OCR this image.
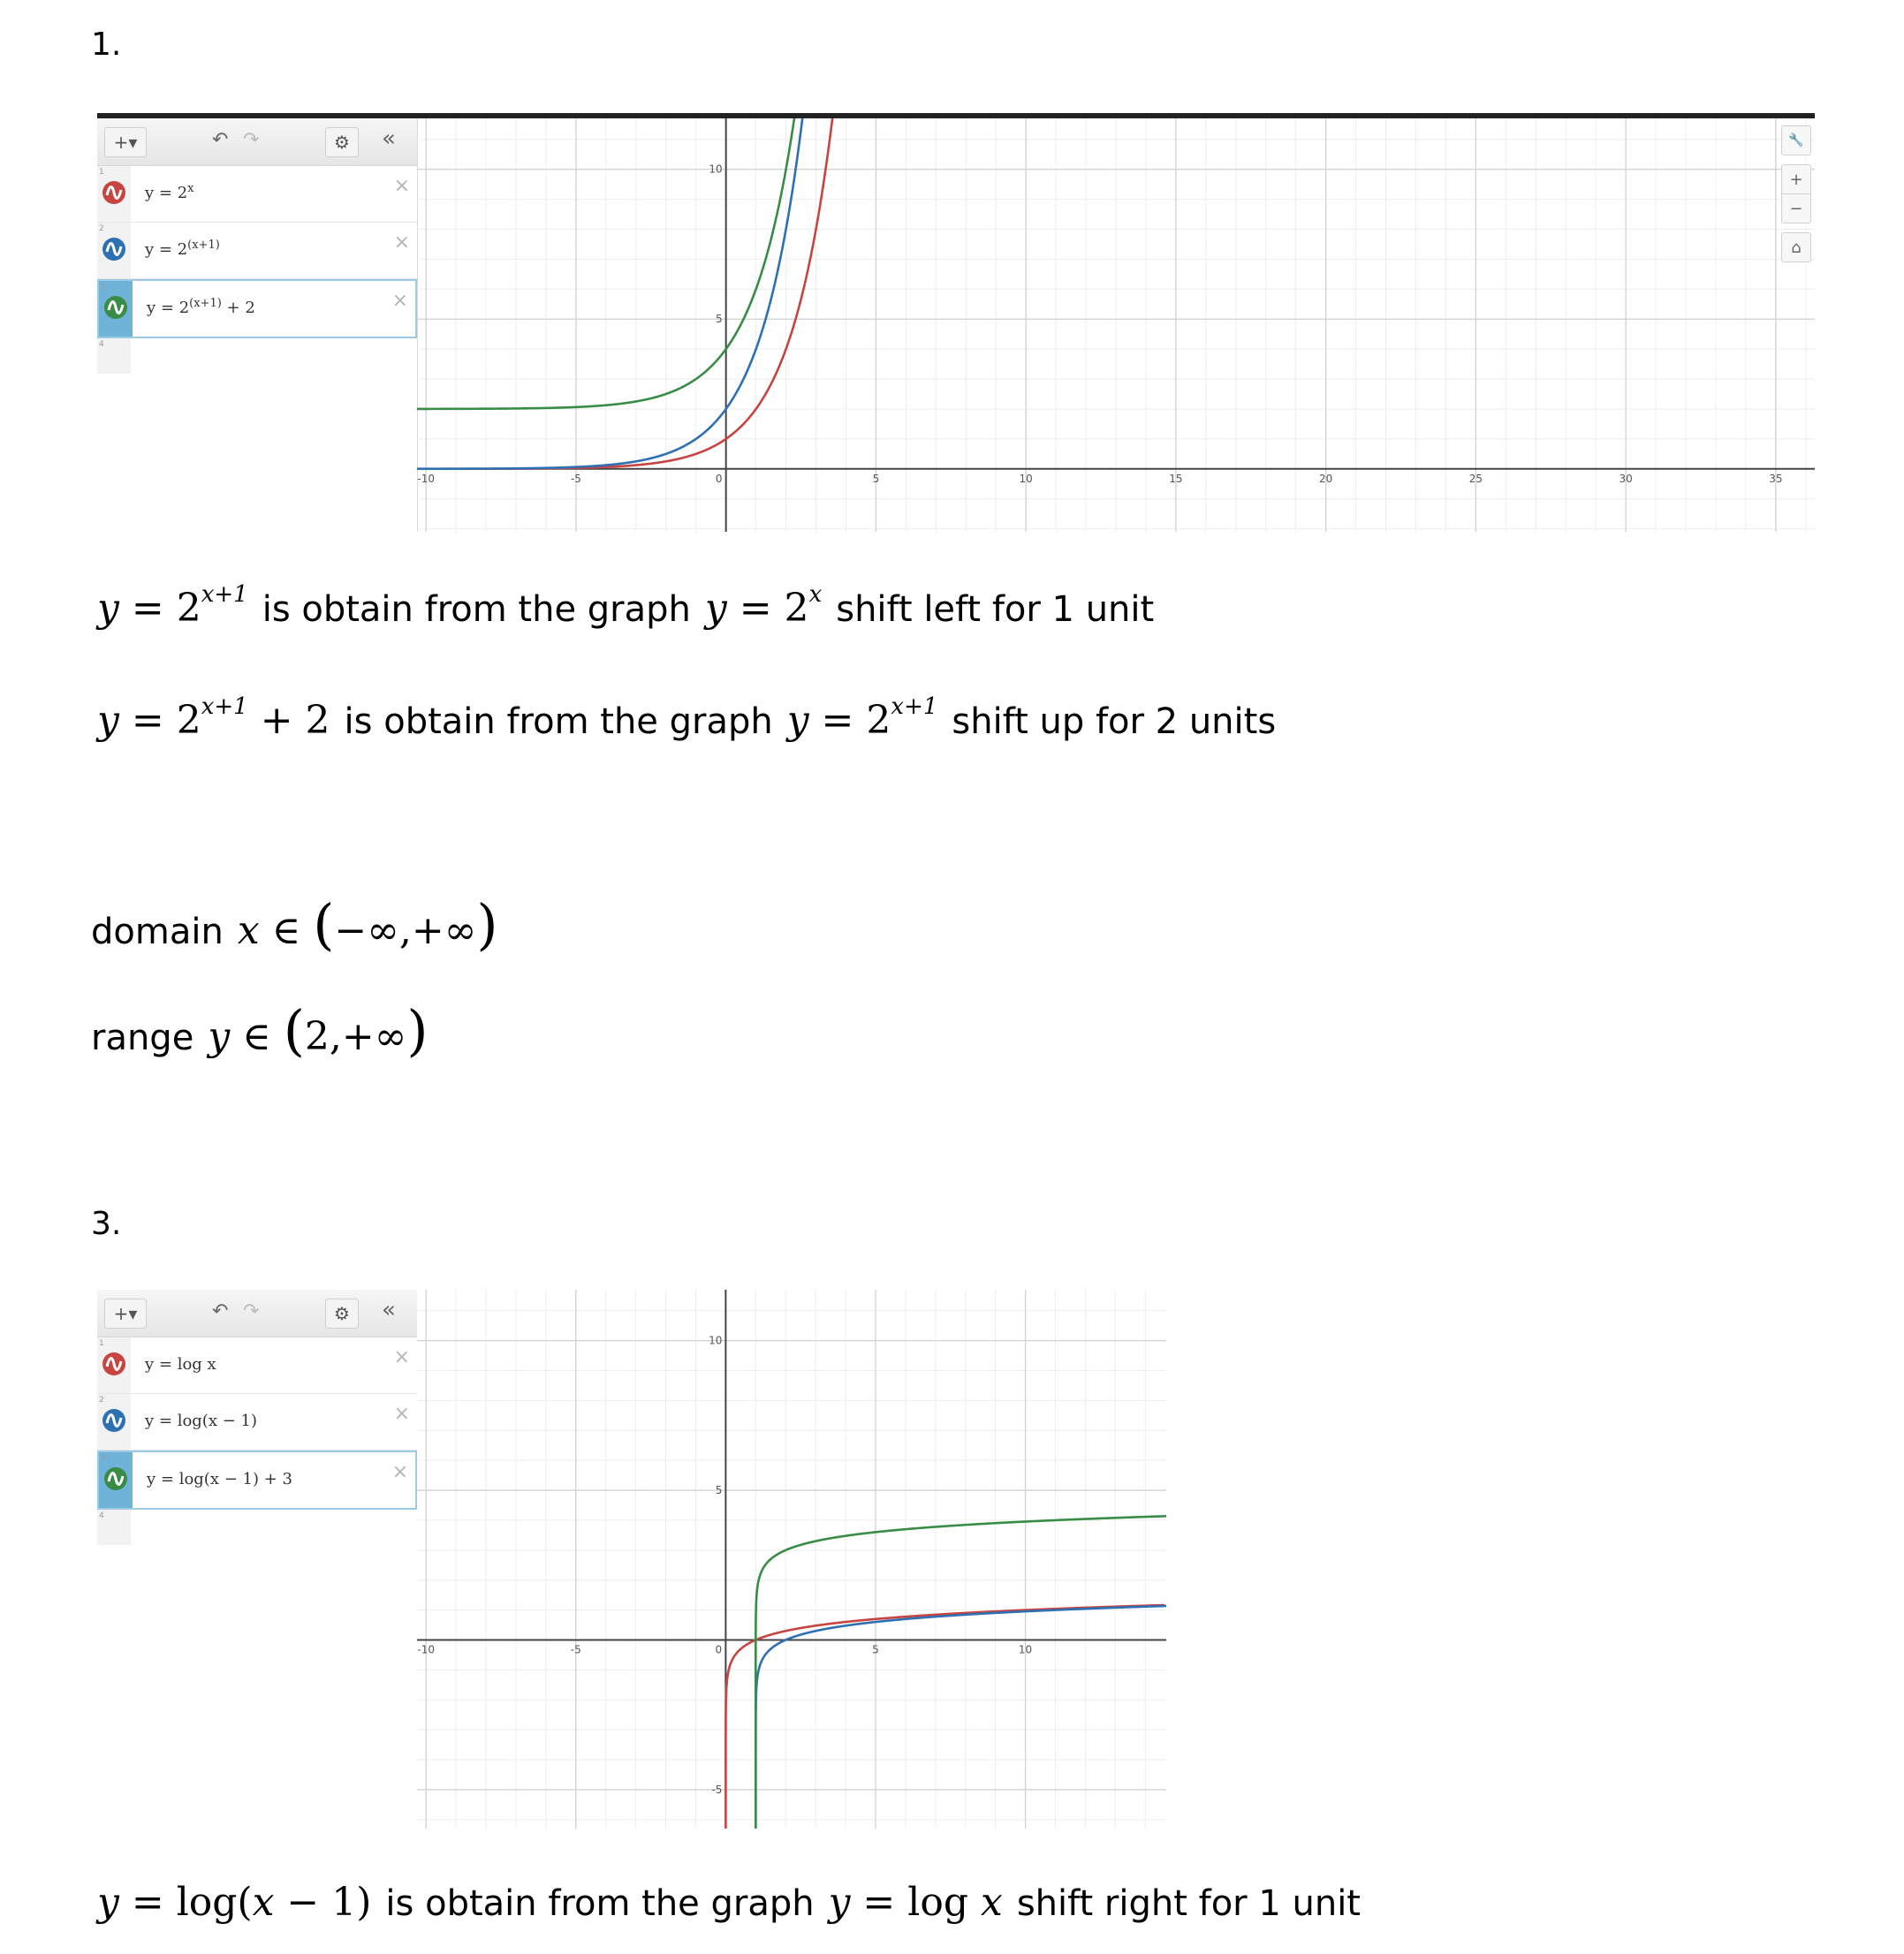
1.
+▾	↶ ↷	⚙	«
1
$y = 2^x$	×
2
$y = 2^{(x+1)}$	×
3
$y = 2^{(x+1)} + 2$	×
4
-10	-5	0	5	10	15	20	25	30	35
5
10
🔧
+
−
⌂
$y = 2^{x+1}$ is obtain from the graph $y = 2^x$ shift left for 1 unit
$y = 2^{x+1} + 2$ is obtain from the graph $y = 2^{x+1}$ shift up for 2 units
domain x ∈ (−∞,+∞)
range y ∈ (2,+∞)
3.
+▾	↶ ↷	⚙	«
1
y = log x	×
2
y = log(x − 1)	×
3
y = log(x − 1) + 3	×
4
-10	-5	0	5	10
-5
5
10
y = log(x − 1) is obtain from the graph y = log x shift right for 1 unit
